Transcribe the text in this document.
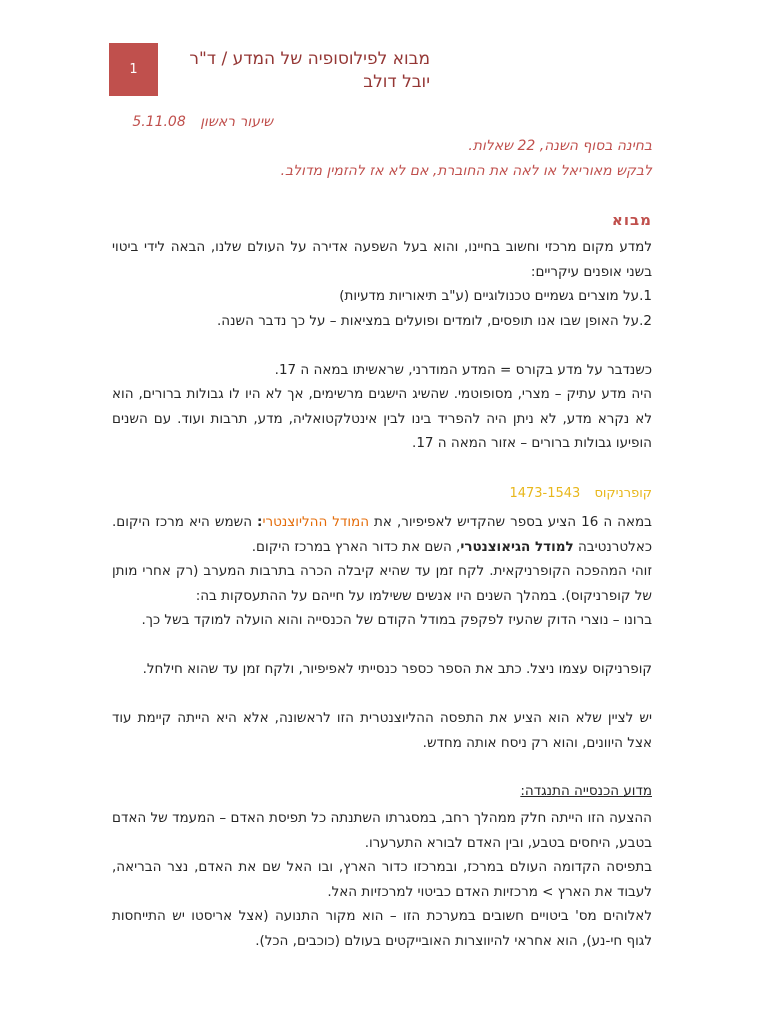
1
מבוא לפילוסופיה של המדע / ד"ר
יובל דולב
שיעור ראשון 5.11.08
בחינה בסוף השנה, 22 שאלות.
לבקש מאוריאל או לאה את החוברת, אם לא אז להזמין מדולב.
מבוא
למדע מקום מרכזי וחשוב בחיינו, והוא בעל השפעה אדירה על העולם שלנו, הבאה לידי ביטוי בשני אופנים עיקריים:
1.על מוצרים גשמיים טכנולוגיים (ע"ב תיאוריות מדעיות)
2.על האופן שבו אנו תופסים, לומדים ופועלים במציאות – על כך נדבר השנה.
כשנדבר על מדע בקורס = המדע המודרני, שראשיתו במאה ה 17.
היה מדע עתיק – מצרי, מסופוטמי. שהשיג הישגים מרשימים, אך לא היו לו גבולות ברורים, הוא לא נקרא מדע, לא ניתן היה להפריד בינו לבין אינטלקטואליה, מדע, תרבות ועוד. עם השנים הופיעו גבולות ברורים – אזור המאה ה 17.
קופרניקוס 1473-1543
במאה ה 16 הציע בספר שהקדיש לאפיפיור, את המודל ההליוצנטרי: השמש היא מרכז היקום. כאלטרנטיבה למודל הגיאוצנטרי, השם את כדור הארץ במרכז היקום.
זוהי המהפכה הקופרניקאית. לקח זמן עד שהיא קיבלה הכרה בתרבות המערב (רק אחרי מותן של קופרניקוס). במהלך השנים היו אנשים ששילמו על חייהם על ההתעסקות בה:
ברונו – נוצרי הדוק שהעיז לפקפק במודל הקודם של הכנסייה והוא הועלה למוקד בשל כך.
קופרניקוס עצמו ניצל. כתב את הספר כספר כנסייתי לאפיפיור, ולקח זמן עד שהוא חילחל.
יש לציין שלא הוא הציע את התפסה ההליוצנטרית הזו לראשונה, אלא היא הייתה קיימת עוד אצל היוונים, והוא רק ניסח אותה מחדש.
מדוע הכנסייה התנגדה:
ההצעה הזו הייתה חלק ממהלך רחב, במסגרתו השתנתה כל תפיסת האדם – המעמד של האדם בטבע, היחסים בטבע, ובין האדם לבורא התערערו.
בתפיסה הקדומה העולם במרכז, ובמרכזו כדור הארץ, ובו האל שם את האדם, נצר הבריאה, לעבוד את הארץ > מרכזיות האדם כביטוי למרכזיות האל.
לאלוהים מס' ביטויים חשובים במערכת הזו – הוא מקור התנועה (אצל אריסטו יש התייחסות לגוף חי-נע), הוא אחראי להיווצרות האובייקטים בעולם (כוכבים, הכל).
